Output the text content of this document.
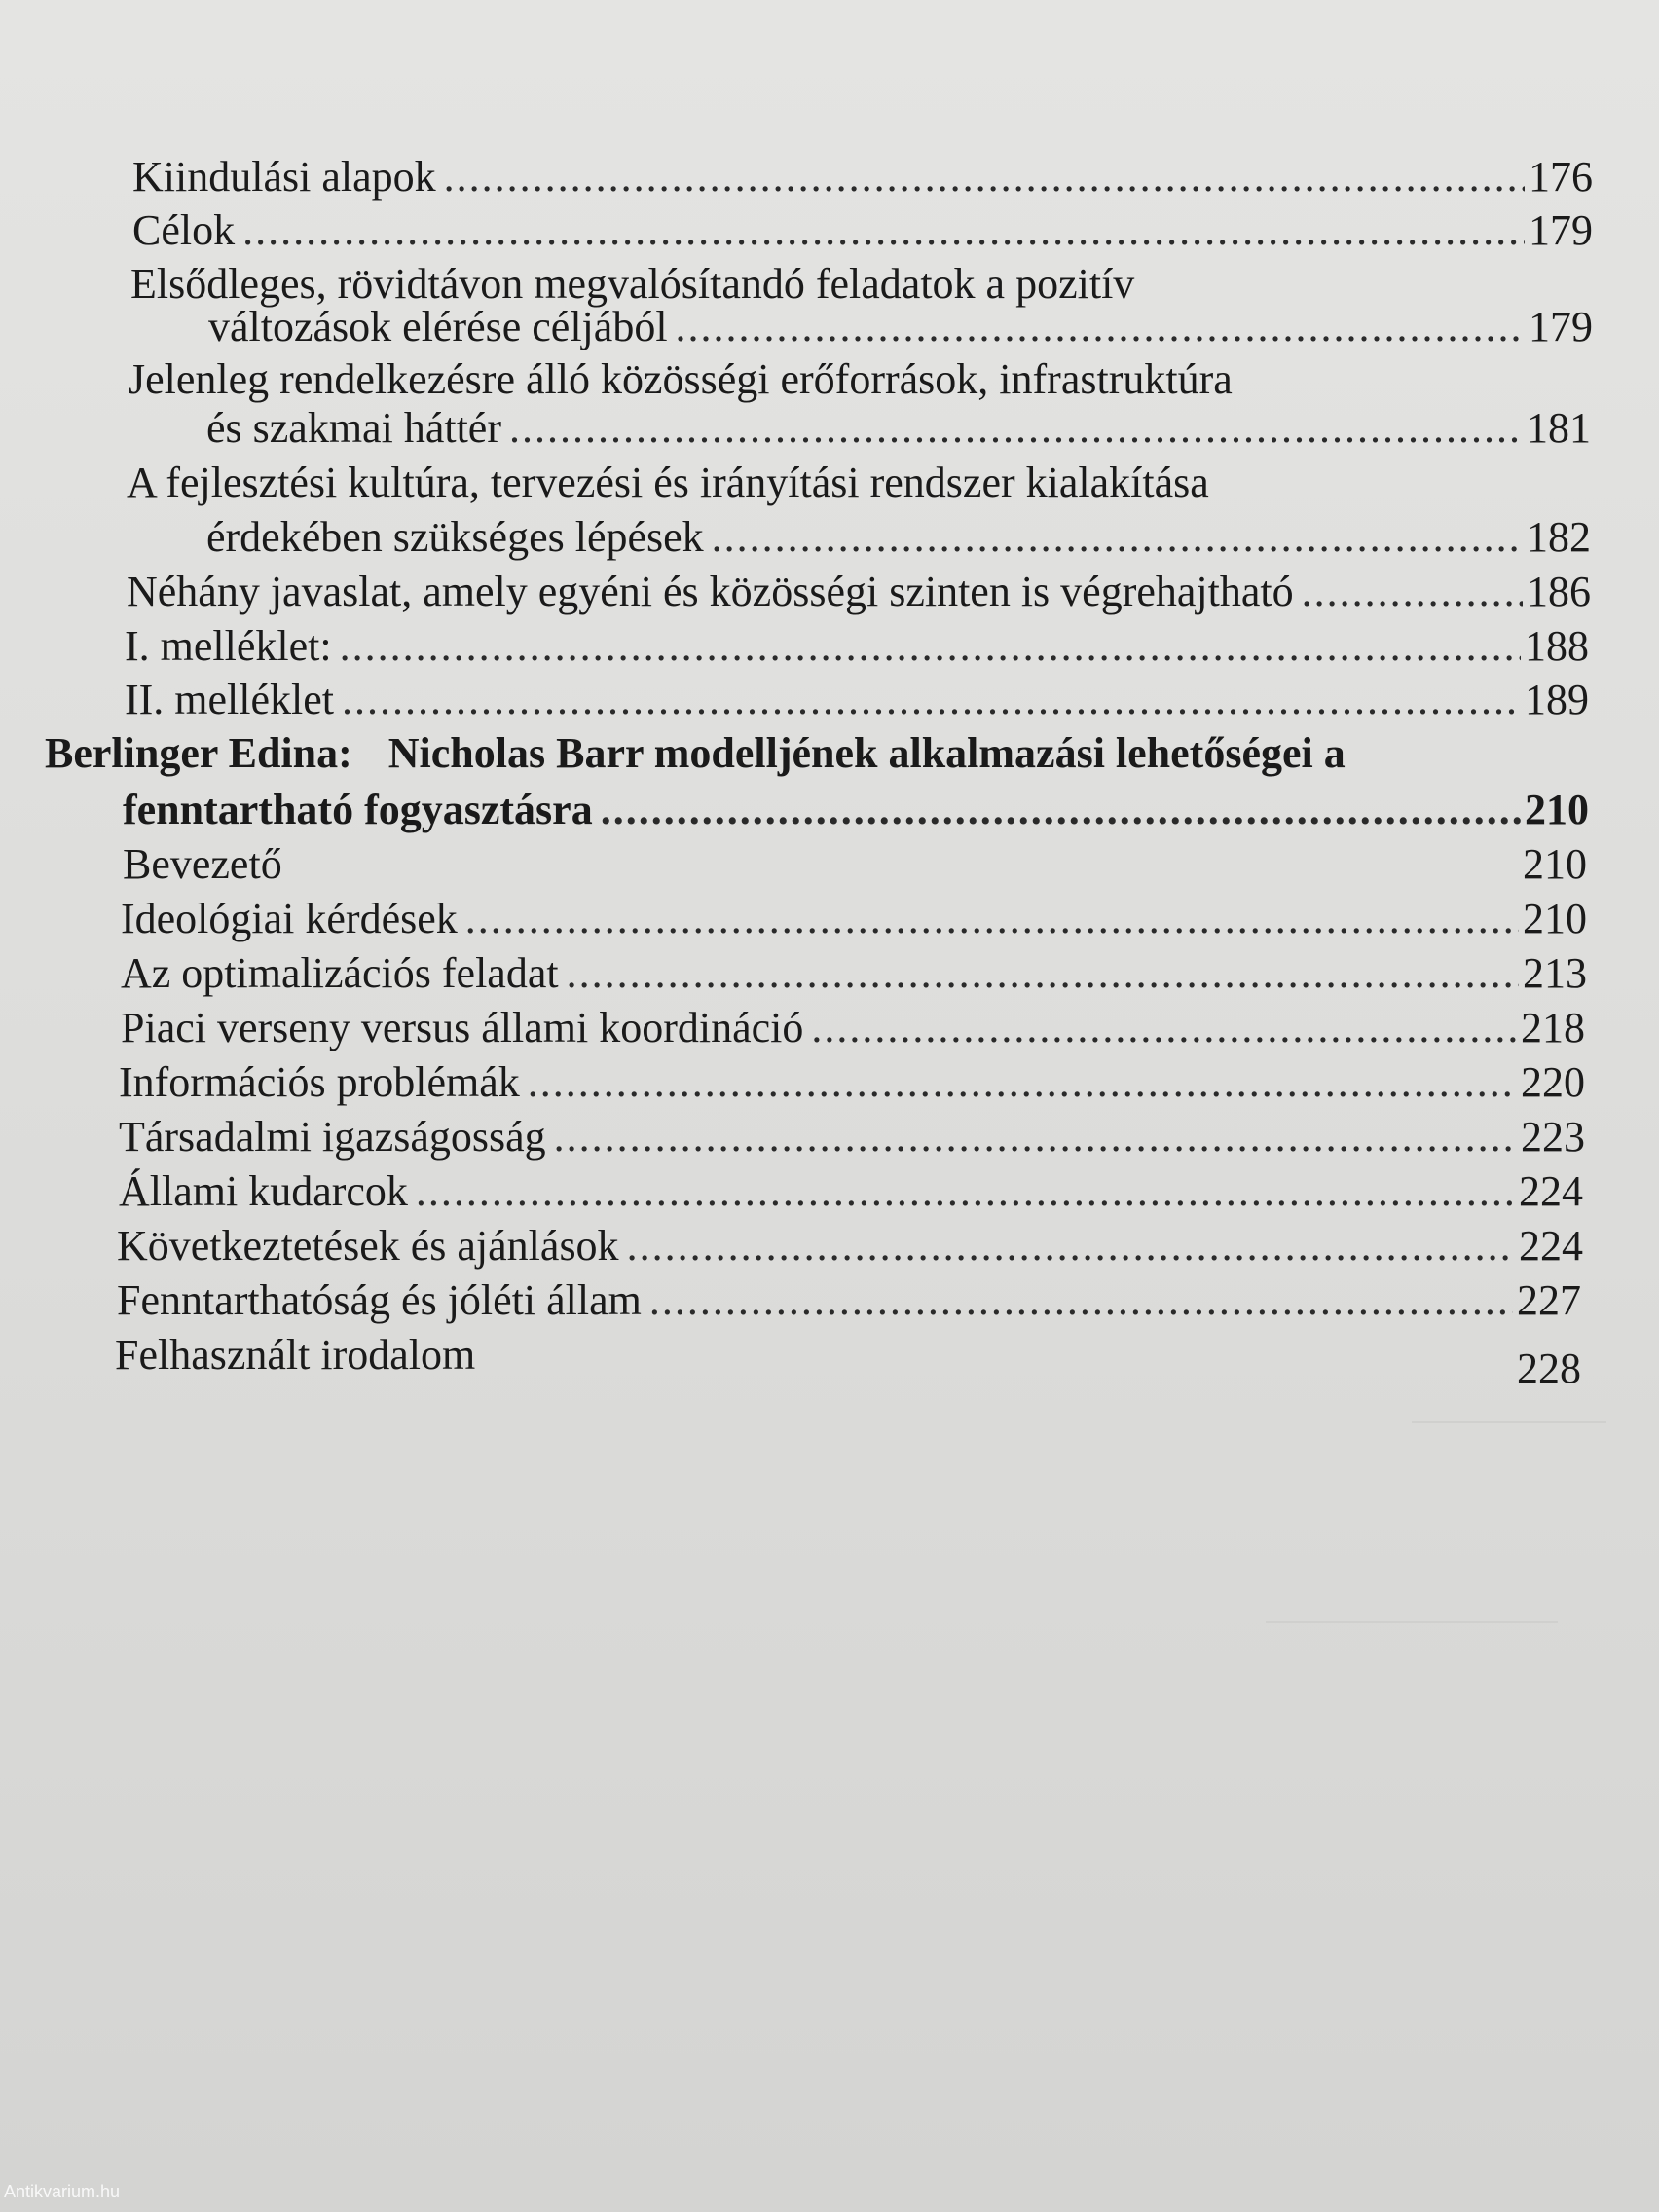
Kiindulási alapok .....	176
Célok .....	179
Elsődleges, rövidtávon megvalósítandó feladatok a pozitív
változások elérése céljából .....	179
Jelenleg rendelkezésre álló közösségi erőforrások, infrastruktúra
és szakmai háttér .....	181
A fejlesztési kultúra, tervezési és irányítási rendszer kialakítása
érdekében szükséges lépések .....	182
Néhány javaslat, amely egyéni és közösségi szinten is végrehajtható .....	186
I. melléklet: .....	188
II. melléklet .....	189
Berlinger Edina: Nicholas Barr modelljének alkalmazási lehetőségei a
fenntartható fogyasztásra .....	210
Bevezető	210
Ideológiai kérdések .....	210
Az optimalizációs feladat .....	213
Piaci verseny versus állami koordináció .....	218
Információs problémák .....	220
Társadalmi igazságosság .....	223
Állami kudarcok .....	224
Következtetések és ajánlások .....	224
Fenntarthatóság és jóléti állam .....	227
Felhasznált irodalom	228
Antikvarium.hu
